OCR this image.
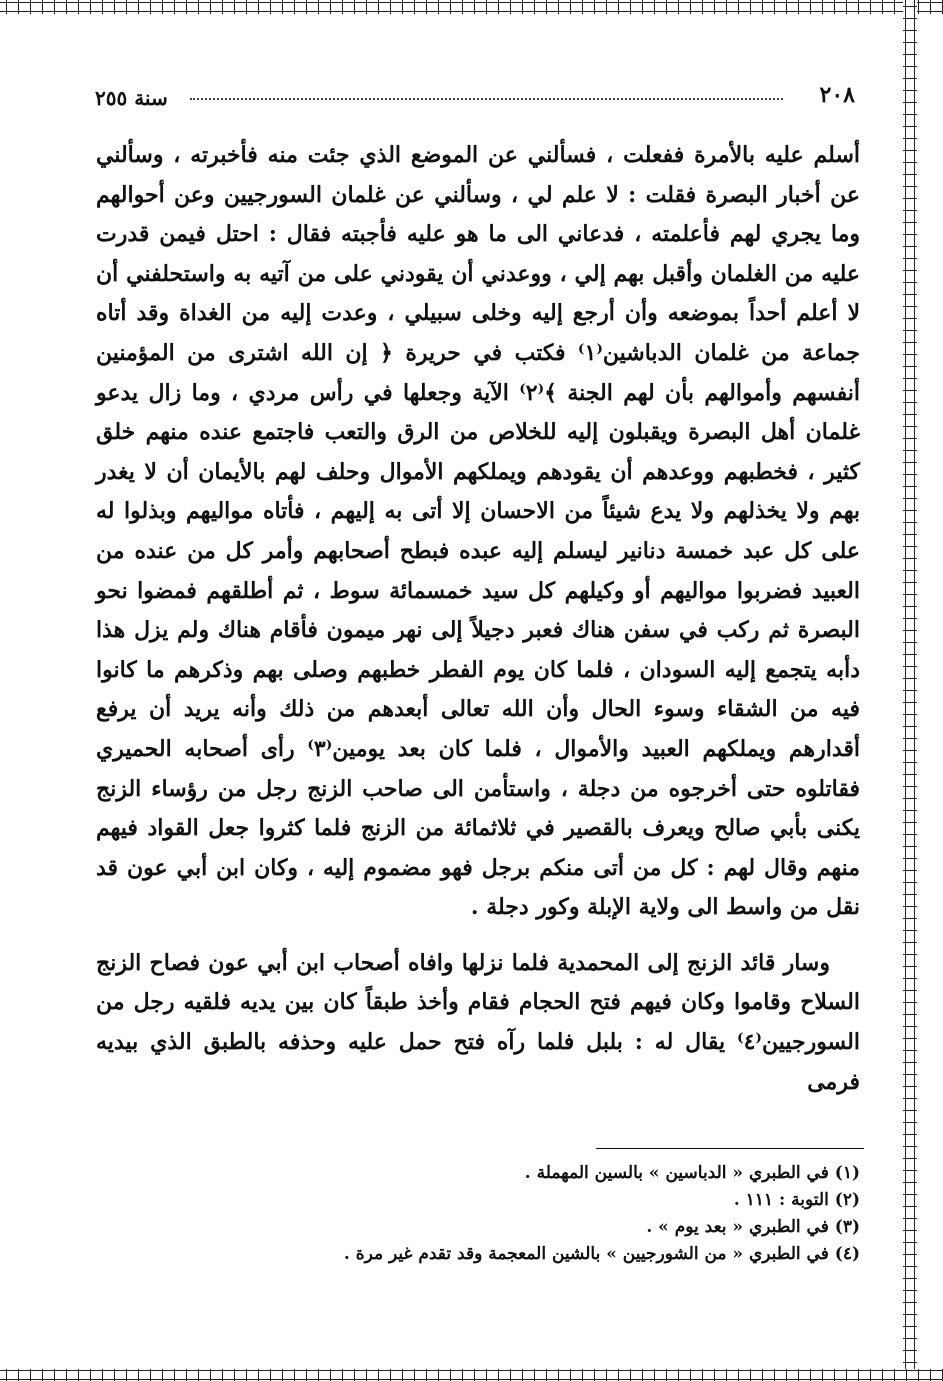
٢٠٨
سنة ٢٥٥

أسلم عليه بالأمرة ففعلت ، فسألني عن الموضع الذي جئت منه فأخبرته ، وسألني عن أخبار البصرة فقلت : لا علم لي ، وسألني عن غلمان السورجيين وعن أحوالهم وما يجري لهم فأعلمته ، فدعاني الى ما هو عليه فأجبته فقال : احتل فيمن قدرت عليه من الغلمان وأقبل بهم إلي ، ووعدني أن يقودني على من آتيه به واستحلفني أن لا أعلم أحداً بموضعه وأن أرجع إليه وخلى سبيلي ، وعدت إليه من الغداة وقد أتاه جماعة من غلمان الدباشين⁽١⁾ فكتب في حريرة ﴿ إن الله اشترى من المؤمنين أنفسهم وأموالهم بأن لهم الجنة ﴾⁽٢⁾ الآية وجعلها في رأس مردي ، وما زال يدعو غلمان أهل البصرة ويقبلون إليه للخلاص من الرق والتعب فاجتمع عنده منهم خلق كثير ، فخطبهم ووعدهم أن يقودهم ويملكهم الأموال وحلف لهم بالأيمان أن لا يغدر بهم ولا يخذلهم ولا يدع شيئاً من الاحسان إلا أتى به إليهم ، فأتاه مواليهم وبذلوا له على كل عبد خمسة دنانير ليسلم إليه عبده فبطح أصحابهم وأمر كل من عنده من العبيد فضربوا مواليهم أو وكيلهم كل سيد خمسمائة سوط ، ثم أطلقهم فمضوا نحو البصرة ثم ركب في سفن هناك فعبر دجيلاً إلى نهر ميمون فأقام هناك ولم يزل هذا دأبه يتجمع إليه السودان ، فلما كان يوم الفطر خطبهم وصلى بهم وذكرهم ما كانوا فيه من الشقاء وسوء الحال وأن الله تعالى أبعدهم من ذلك وأنه يريد أن يرفع أقدارهم ويملكهم العبيد والأموال ، فلما كان بعد يومين⁽٣⁾ رأى أصحابه الحميري فقاتلوه حتى أخرجوه من دجلة ، واستأمن الى صاحب الزنج رجل من رؤساء الزنج يكنى بأبي صالح ويعرف بالقصير في ثلاثمائة من الزنج فلما كثروا جعل القواد فيهم منهم وقال لهم : كل من أتى منكم برجل فهو مضموم إليه ، وكان ابن أبي عون قد نقل من واسط الى ولاية الإبلة وكور دجلة .

وسار قائد الزنج إلى المحمدية فلما نزلها وافاه أصحاب ابن أبي عون فصاح الزنج السلاح وقاموا وكان فيهم فتح الحجام فقام وأخذ طبقاً كان بين يديه فلقيه رجل من السورجيين⁽٤⁾ يقال له : بلبل فلما رآه فتح حمل عليه وحذفه بالطبق الذي بيديه فرمى

(١) في الطبري « الدباسين » بالسين المهملة .
(٢) التوبة : ١١١ .
(٣) في الطبري « بعد يوم » .
(٤) في الطبري « من الشورجيين » بالشين المعجمة وقد تقدم غير مرة .
